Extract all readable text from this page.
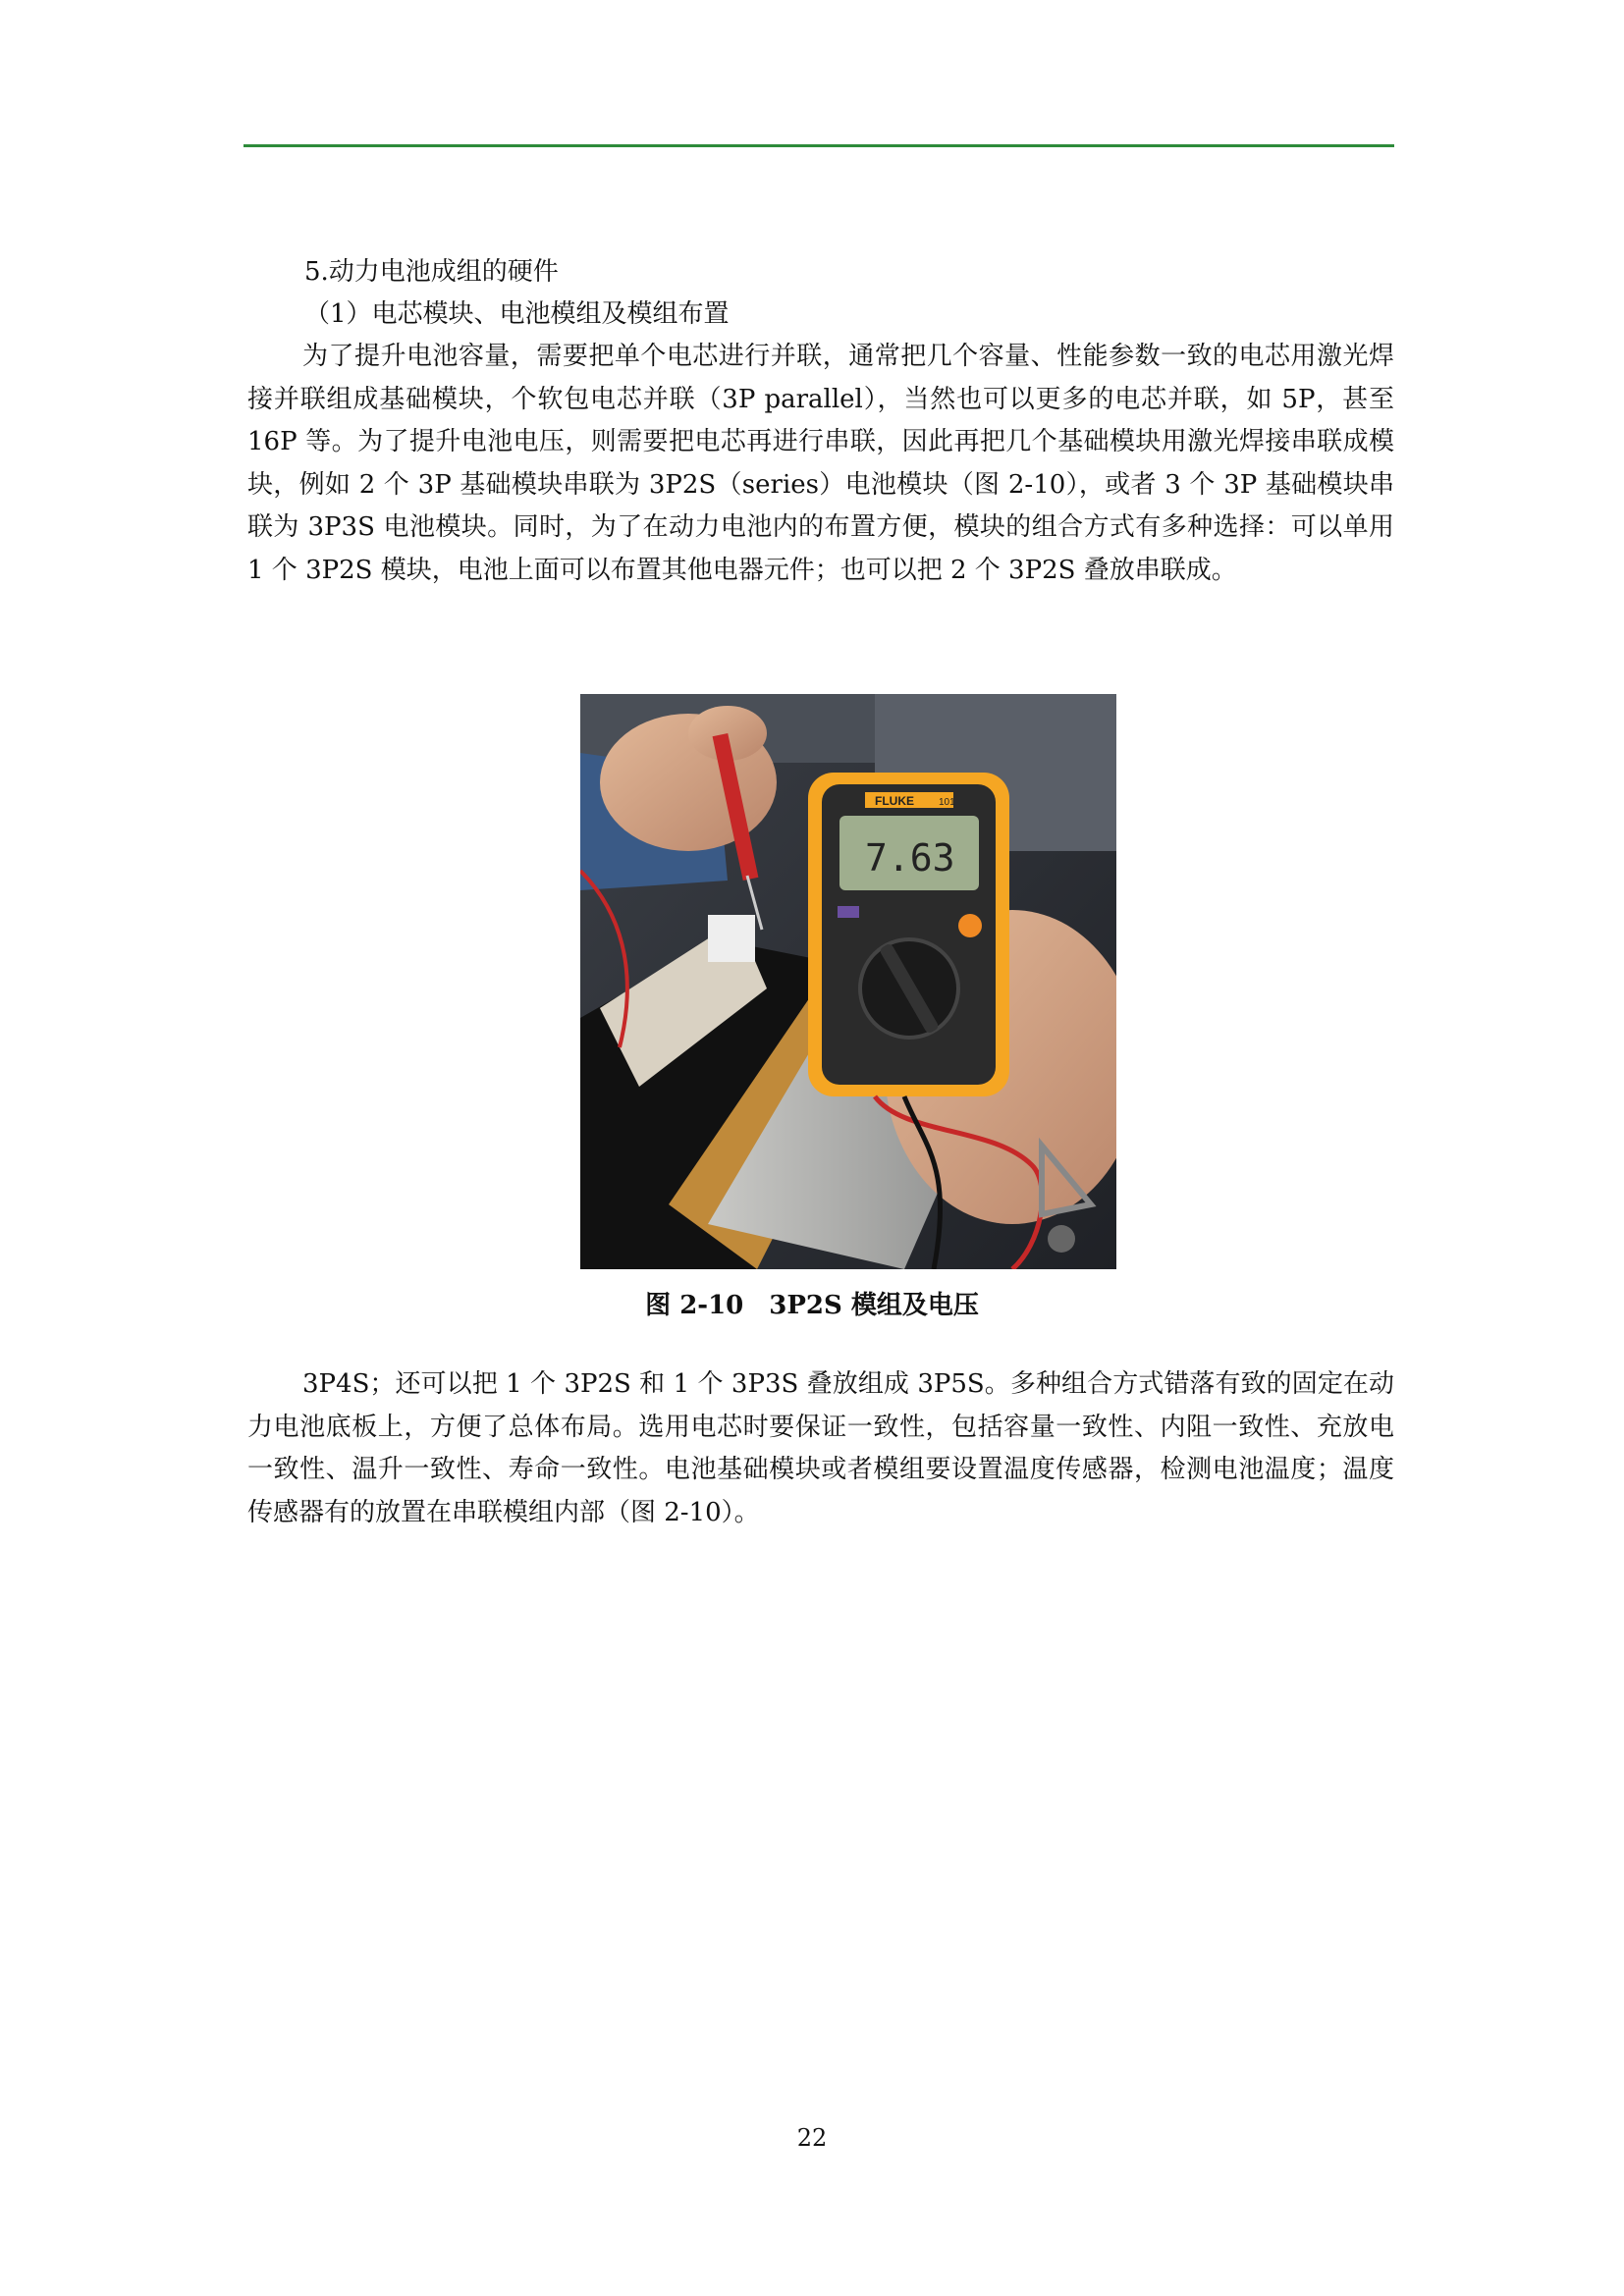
5.动力电池成组的硬件
（1）电芯模块、电池模组及模组布置
为了提升电池容量，需要把单个电芯进行并联，通常把几个容量、性能参数一致的电芯用激光焊接并联组成基础模块，个软包电芯并联（3P parallel），当然也可以更多的电芯并联，如 5P，甚至 16P 等。为了提升电池电压，则需要把电芯再进行串联，因此再把几个基础模块用激光焊接串联成模块，例如 2 个 3P 基础模块串联为 3P2S（series）电池模块（图 2-10），或者 3 个 3P 基础模块串联为 3P3S 电池模块。同时，为了在动力电池内的布置方便，模块的组合方式有多种选择：可以单用 1 个 3P2S 模块，电池上面可以布置其他电器元件；也可以把 2 个 3P2S 叠放串联成。
FLUKE	101
7.63
图 2-10　3P2S 模组及电压
3P4S；还可以把 1 个 3P2S 和 1 个 3P3S 叠放组成 3P5S。多种组合方式错落有致的固定在动力电池底板上，方便了总体布局。选用电芯时要保证一致性，包括容量一致性、内阻一致性、充放电一致性、温升一致性、寿命一致性。电池基础模块或者模组要设置温度传感器，检测电池温度；温度传感器有的放置在串联模组内部（图 2-10）。
22
